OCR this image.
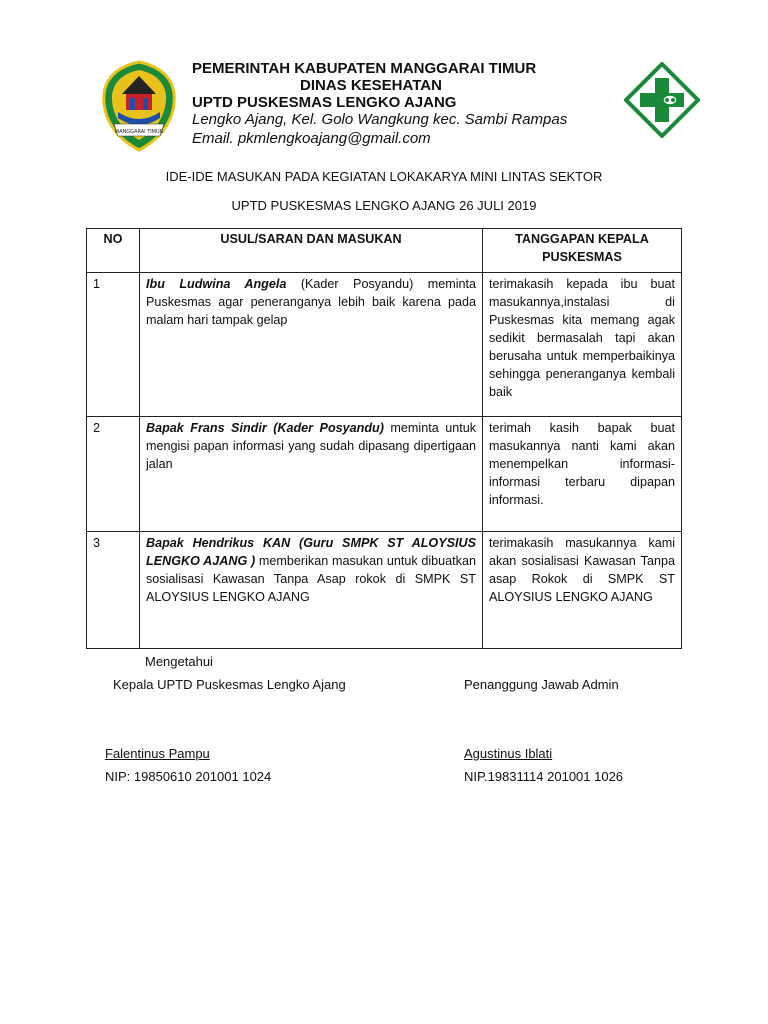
MANGGARAI TIMUR
PEMERINTAH KABUPATEN MANGGARAI TIMUR
DINAS KESEHATAN
UPTD PUSKESMAS LENGKO AJANG
Lengko Ajang, Kel. Golo Wangkung kec. Sambi Rampas
Email. pkmlengkoajang@gmail.com
IDE-IDE MASUKAN PADA KEGIATAN LOKAKARYA MINI LINTAS SEKTOR
UPTD PUSKESMAS LENGKO AJANG 26 JULI 2019
NO	USUL/SARAN DAN MASUKAN	TANGGAPAN KEPALA PUSKESMAS
1	Ibu Ludwina Angela (Kader Posyandu) meminta Puskesmas agar peneranganya lebih baik karena pada malam hari tampak gelap	terimakasih kepada ibu buat masukannya,instalasi di Puskesmas kita memang agak sedikit bermasalah tapi akan berusaha untuk memperbaikinya sehingga peneranganya kembali baik
2	Bapak Frans Sindir (Kader Posyandu) meminta untuk mengisi papan informasi yang sudah dipasang dipertigaan jalan	terimah kasih bapak buat masukannya nanti kami akan menempelkan informasi-informasi terbaru dipapan informasi.
3	Bapak Hendrikus KAN (Guru SMPK ST ALOYSIUS LENGKO AJANG ) memberikan masukan untuk dibuatkan sosialisasi Kawasan Tanpa Asap rokok di SMPK ST ALOYSIUS LENGKO AJANG	terimakasih masukannya kami akan sosialisasi Kawasan Tanpa asap Rokok di SMPK ST ALOYSIUS LENGKO AJANG
Mengetahui
Kepala UPTD Puskesmas Lengko Ajang	Penanggung Jawab Admin
Falentinus Pampu	Agustinus Iblati
NIP: 19850610 201001 1024	NIP.19831114 201001 1026
